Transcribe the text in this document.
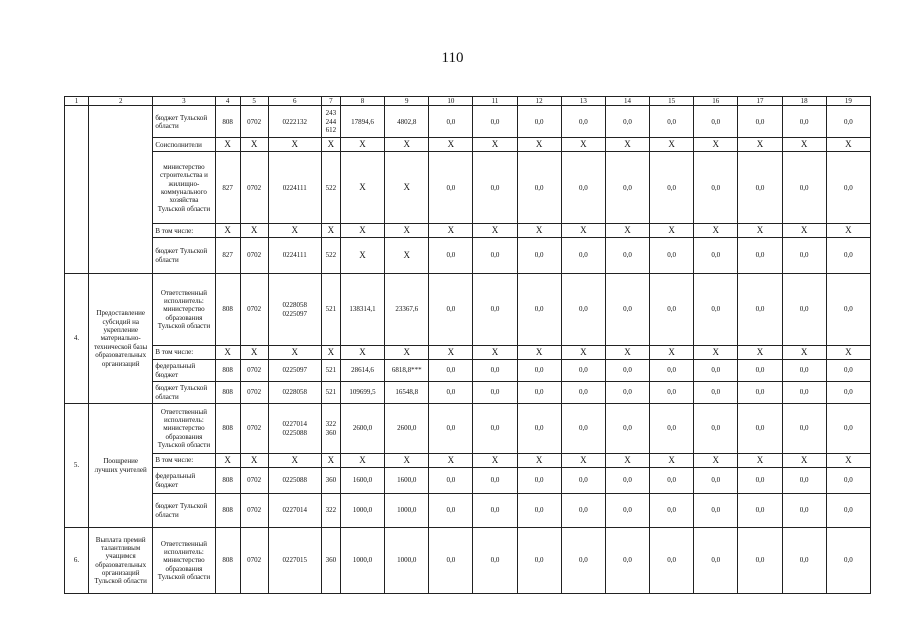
110
1	2	3	4	5	6	7	8	9	10	11	12	13	14	15	16	17	18	19
		бюджет Тульской области	808	0702	0222132	243 244 612	17894,6	4802,8	0,0	0,0	0,0	0,0	0,0	0,0	0,0	0,0	0,0	0,0
		Соисполнители	X	X	X	X	X	X	X	X	X	X	X	X	X	X	X	X
		министерство строительства и жилищно-коммунального хозяйства Тульской области	827	0702	0224111	522	X	X	0,0	0,0	0,0	0,0	0,0	0,0	0,0	0,0	0,0	0,0
		В том числе:	X	X	X	X	X	X	X	X	X	X	X	X	X	X	X	X
		бюджет Тульской области	827	0702	0224111	522	X	X	0,0	0,0	0,0	0,0	0,0	0,0	0,0	0,0	0,0	0,0
4.	Предоставление субсидий на укрепление материально-технической базы образовательных организаций	Ответственный исполнитель: министерство образования Тульской области	808	0702	0228058 0225097	521	138314,1	23367,6	0,0	0,0	0,0	0,0	0,0	0,0	0,0	0,0	0,0	0,0
		В том числе:	X	X	X	X	X	X	X	X	X	X	X	X	X	X	X	X
		федеральный бюджет	808	0702	0225097	521	28614,6	6818,8***	0,0	0,0	0,0	0,0	0,0	0,0	0,0	0,0	0,0	0,0
		бюджет Тульской области	808	0702	0228058	521	109699,5	16548,8	0,0	0,0	0,0	0,0	0,0	0,0	0,0	0,0	0,0	0,0
5.	Поощрение лучших учителей	Ответственный исполнитель: министерство образования Тульской области	808	0702	0227014 0225088	322 360	2600,0	2600,0	0,0	0,0	0,0	0,0	0,0	0,0	0,0	0,0	0,0	0,0
		В том числе:	X	X	X	X	X	X	X	X	X	X	X	X	X	X	X	X
		федеральный бюджет	808	0702	0225088	360	1600,0	1600,0	0,0	0,0	0,0	0,0	0,0	0,0	0,0	0,0	0,0	0,0
		бюджет Тульской области	808	0702	0227014	322	1000,0	1000,0	0,0	0,0	0,0	0,0	0,0	0,0	0,0	0,0	0,0	0,0
6.	Выплата премий талантливым учащимся образовательных организаций Тульской области	Ответственный исполнитель: министерство образования Тульской области	808	0702	0227015	360	1000,0	1000,0	0,0	0,0	0,0	0,0	0,0	0,0	0,0	0,0	0,0	0,0
